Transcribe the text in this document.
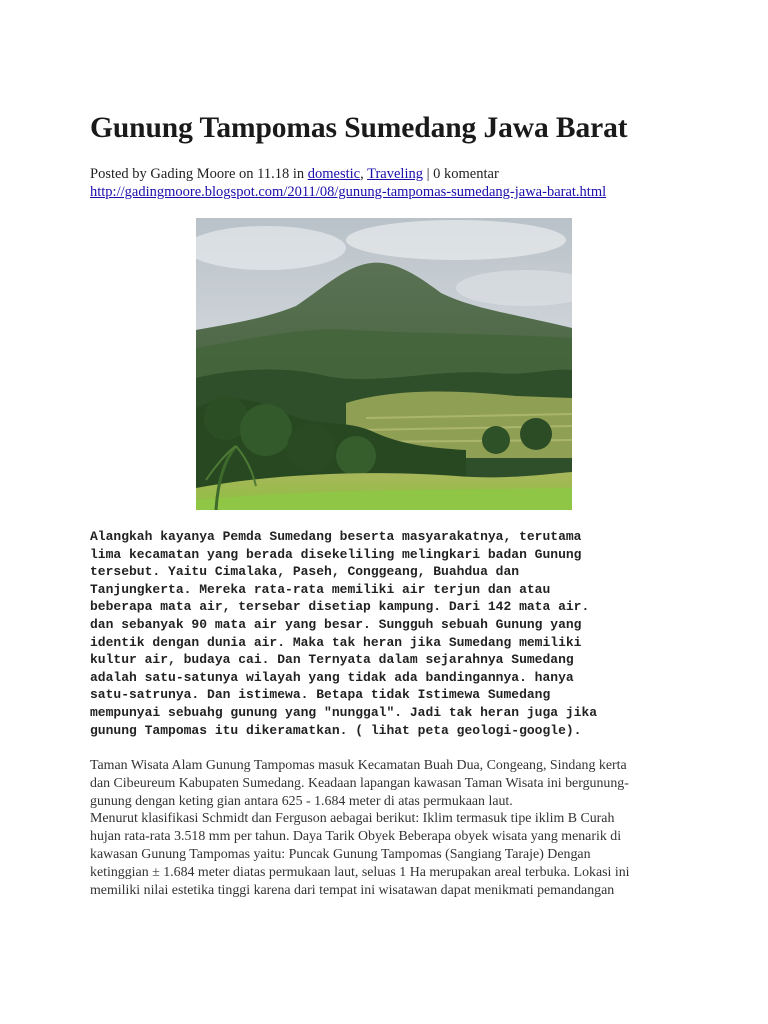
Gunung Tampomas Sumedang Jawa Barat
Posted by Gading Moore on 11.18 in domestic, Traveling | 0 komentar
http://gadingmoore.blogspot.com/2011/08/gunung-tampomas-sumedang-jawa-barat.html
Alangkah kayanya Pemda Sumedang beserta masyarakatnya, terutama
lima kecamatan yang berada disekeliling melingkari badan Gunung
tersebut. Yaitu Cimalaka, Paseh, Conggeang, Buahdua dan
Tanjungkerta. Mereka rata-rata memiliki air terjun dan atau
beberapa mata air, tersebar disetiap kampung. Dari 142 mata air.
dan sebanyak 90 mata air yang besar. Sungguh sebuah Gunung yang
identik dengan dunia air. Maka tak heran jika Sumedang memiliki
kultur air, budaya cai. Dan Ternyata dalam sejarahnya Sumedang
adalah satu-satunya wilayah yang tidak ada bandingannya. hanya
satu-satrunya. Dan istimewa. Betapa tidak Istimewa Sumedang
mempunyai sebuahg gunung yang "nunggal". Jadi tak heran juga jika
gunung Tampomas itu dikeramatkan. ( lihat peta geologi-google).
Taman Wisata Alam Gunung Tampomas masuk Kecamatan Buah Dua, Congeang, Sindang kerta
dan Cibeureum Kabupaten Sumedang. Keadaan lapangan kawasan Taman Wisata ini bergunung-
gunung dengan keting gian antara 625 - 1.684 meter di atas permukaan laut.
Menurut klasifikasi Schmidt dan Ferguson aebagai berikut: Iklim termasuk tipe iklim B Curah
hujan rata-rata 3.518 mm per tahun. Daya Tarik Obyek Beberapa obyek wisata yang menarik di
kawasan Gunung Tampomas yaitu: Puncak Gunung Tampomas (Sangiang Taraje) Dengan
ketinggian ± 1.684 meter diatas permukaan laut, seluas 1 Ha merupakan areal terbuka. Lokasi ini
memiliki nilai estetika tinggi karena dari tempat ini wisatawan dapat menikmati pemandangan
